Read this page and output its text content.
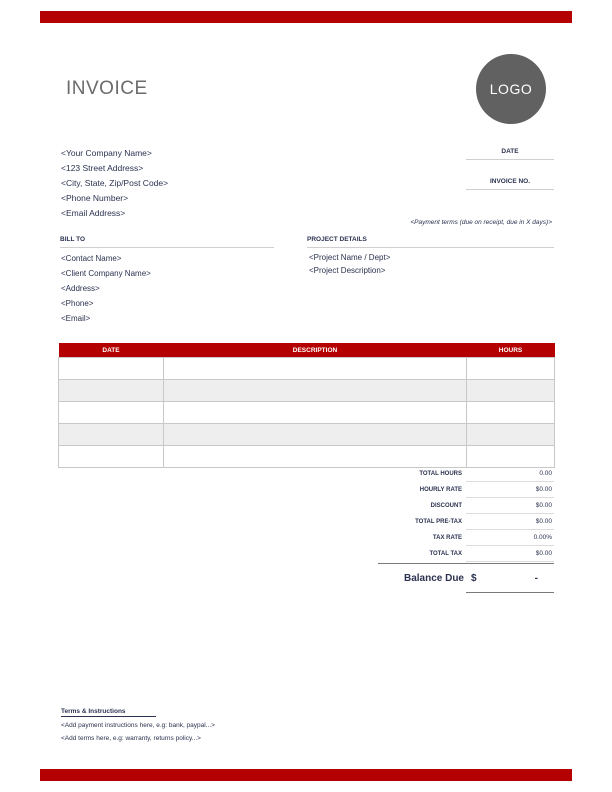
INVOICE	LOGO
<Your Company Name>
<123 Street Address>
<City, State, Zip/Post Code>
<Phone Number>
<Email Address>
DATE
INVOICE NO.
<Payment terms (due on receipt, due in X days)>
BILL TO	PROJECT DETAILS
<Contact Name>
<Client Company Name>
<Address>
<Phone>
<Email>
<Project Name / Dept>
<Project Description>
DATE	DESCRIPTION	HOURS

TOTAL HOURS	0.00
HOURLY RATE	$0.00
DISCOUNT	$0.00
TOTAL PRE-TAX	$0.00
TAX RATE	0.00%
TOTAL TAX	$0.00
Balance Due $	-
Terms & Instructions
<Add payment instructions here, e.g: bank, paypal...>
<Add terms here, e.g: warranty, returns policy...>
